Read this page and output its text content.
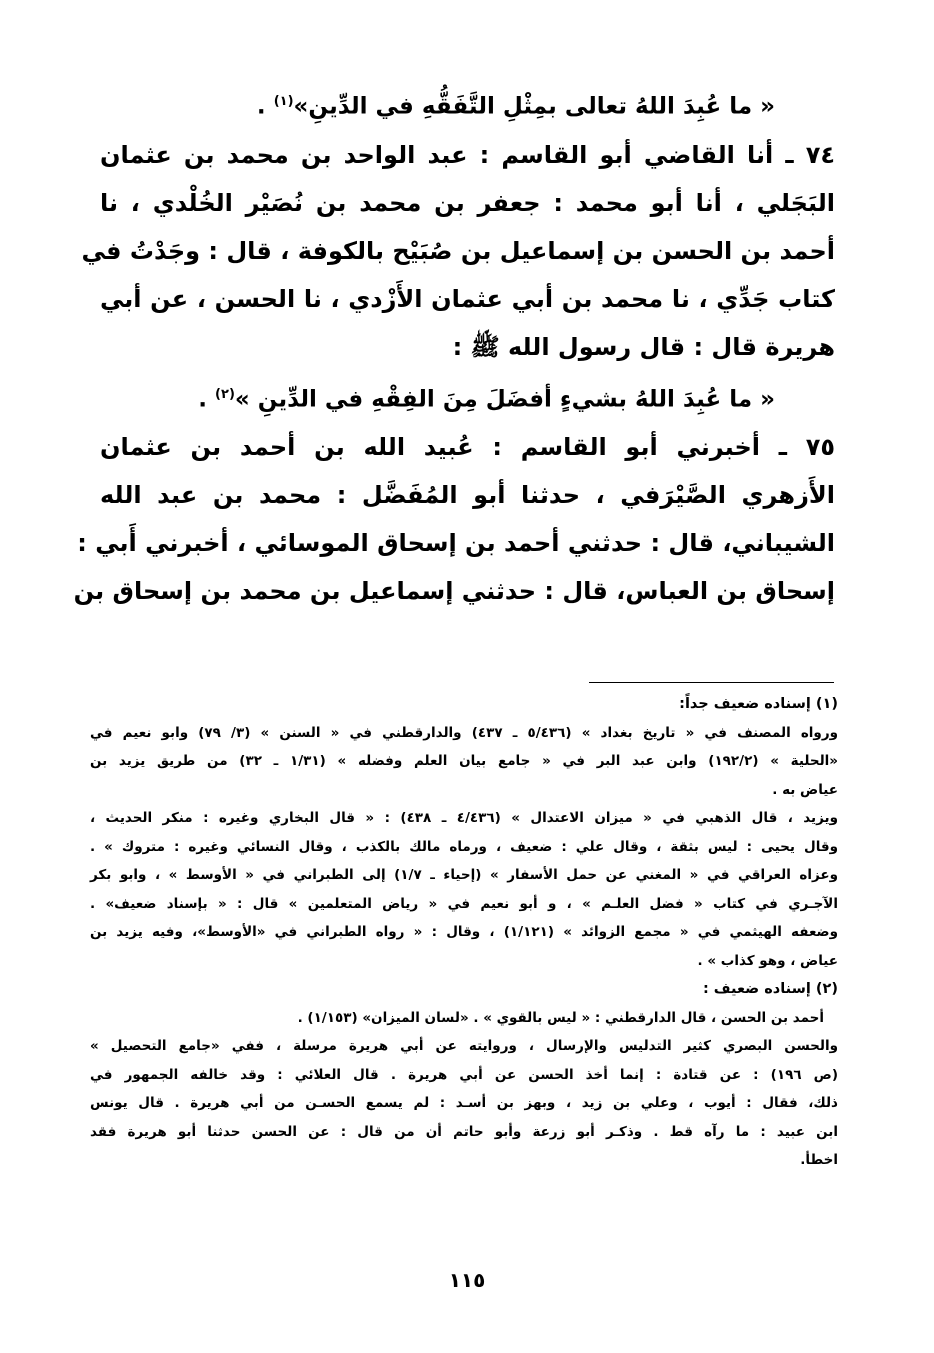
« ما عُبِدَ اللهُ تعالى بمِثْلِ التَّفَقُّهِ في الدِّينِ»$^{(١)}$ .
٧٤ ـ أنا القاضي أبو القاسم : عبد الواحد بن محمد بن عثمان
البَجَلي ، أنا أبو محمد : جعفر بن محمد بن نُصَيْر الخُلْدي ، نا
أحمد بن الحسن بن إسماعيل بن صُبَيْح بالكوفة ، قال : وجَدْتُ في
كتاب جَدِّي ، نا محمد بن أبي عثمان الأَزْدي ، نا الحسن ، عن أبي
هريرة قال : قال رسول الله ﷺ :
« ما عُبِدَ اللهُ بشيءٍ أفضَلَ مِنَ الفِقْهِ في الدِّينِ »$^{(٢)}$ .
٧٥ ـ أخبرني أبو القاسم : عُبيد الله بن أحمد بن عثمان
الأَزهري الصَّيْرَفي ، حدثنا أبو المُفَضَّل : محمد بن عبد الله
الشيباني، قال : حدثني أحمد بن إسحاق الموسائي ، أخبرني أَبي :
إسحاق بن العباس، قال : حدثني إسماعيل بن محمد بن إسحاق بن
(١) إسناده ضعيف جداً:
ورواه المصنف في « تاريخ بغداد » (٥/٤٣٦ ـ ٤٣٧) والدارقطني في « السنن » (٣/ ٧٩) وابو نعيم في
«الحلية » (١٩٢/٢) وابن عبد البر في « جامع بيان العلم وفضله » (١/٣١ ـ ٣٢) من طريق يزيد بن
عياض به .
ويزيد ، قال الذهبي في « ميزان الاعتدال » (٤/٤٣٦ ـ ٤٣٨) : « قال البخاري وغيره : منكر الحديث ،
وقال يحيى : ليس بثقة ، وقال علي : ضعيف ، ورماه مالك بالكذب ، وقال النسائي وغيره : متروك » .
وعزاه العراقي في « المغني عن حمل الأسفار » (إحياء ـ ١/٧) إلى الطبراني في « الأوسط » ، وابو بكر
الآجـري في كتاب « فضل العلـم » ، و أبو نعيم في « رياض المتعلمين » قال : « بإسناد ضعيف» .
وضعفه الهيثمي في « مجمع الزوائد » (١/١٢١) ، وقال : « رواه الطبراني في «الأوسط»، وفيه يزيد بن
عياض ، وهو كذاب » .
(٢) إسناده ضعيف :
أحمد بن الحسن ، قال الدارقطني : « ليس بالقوي » . «لسان الميزان» (١/١٥٣) .
والحسن البصري كثير التدليس والإرسال ، وروايته عن أبي هريرة مرسلة ، ففي «جامع التحصيل »
(ص ١٩٦) : عن قتادة : إنما أخذ الحسن عن أبي هريرة . قال العلائي : وقد خالفه الجمهور في
ذلك، فقال : أيوب ، وعلي بن زيد ، وبهز بن أسـد : لم يسمع الحسـن من أبي هريرة . قال يونس
ابن عبيد : ما رآه قط . وذكـر أبو زرعة وأبو حاتم أن من قال : عن الحسن حدثنا أبو هريرة فقد
اخطأ.
١١٥
